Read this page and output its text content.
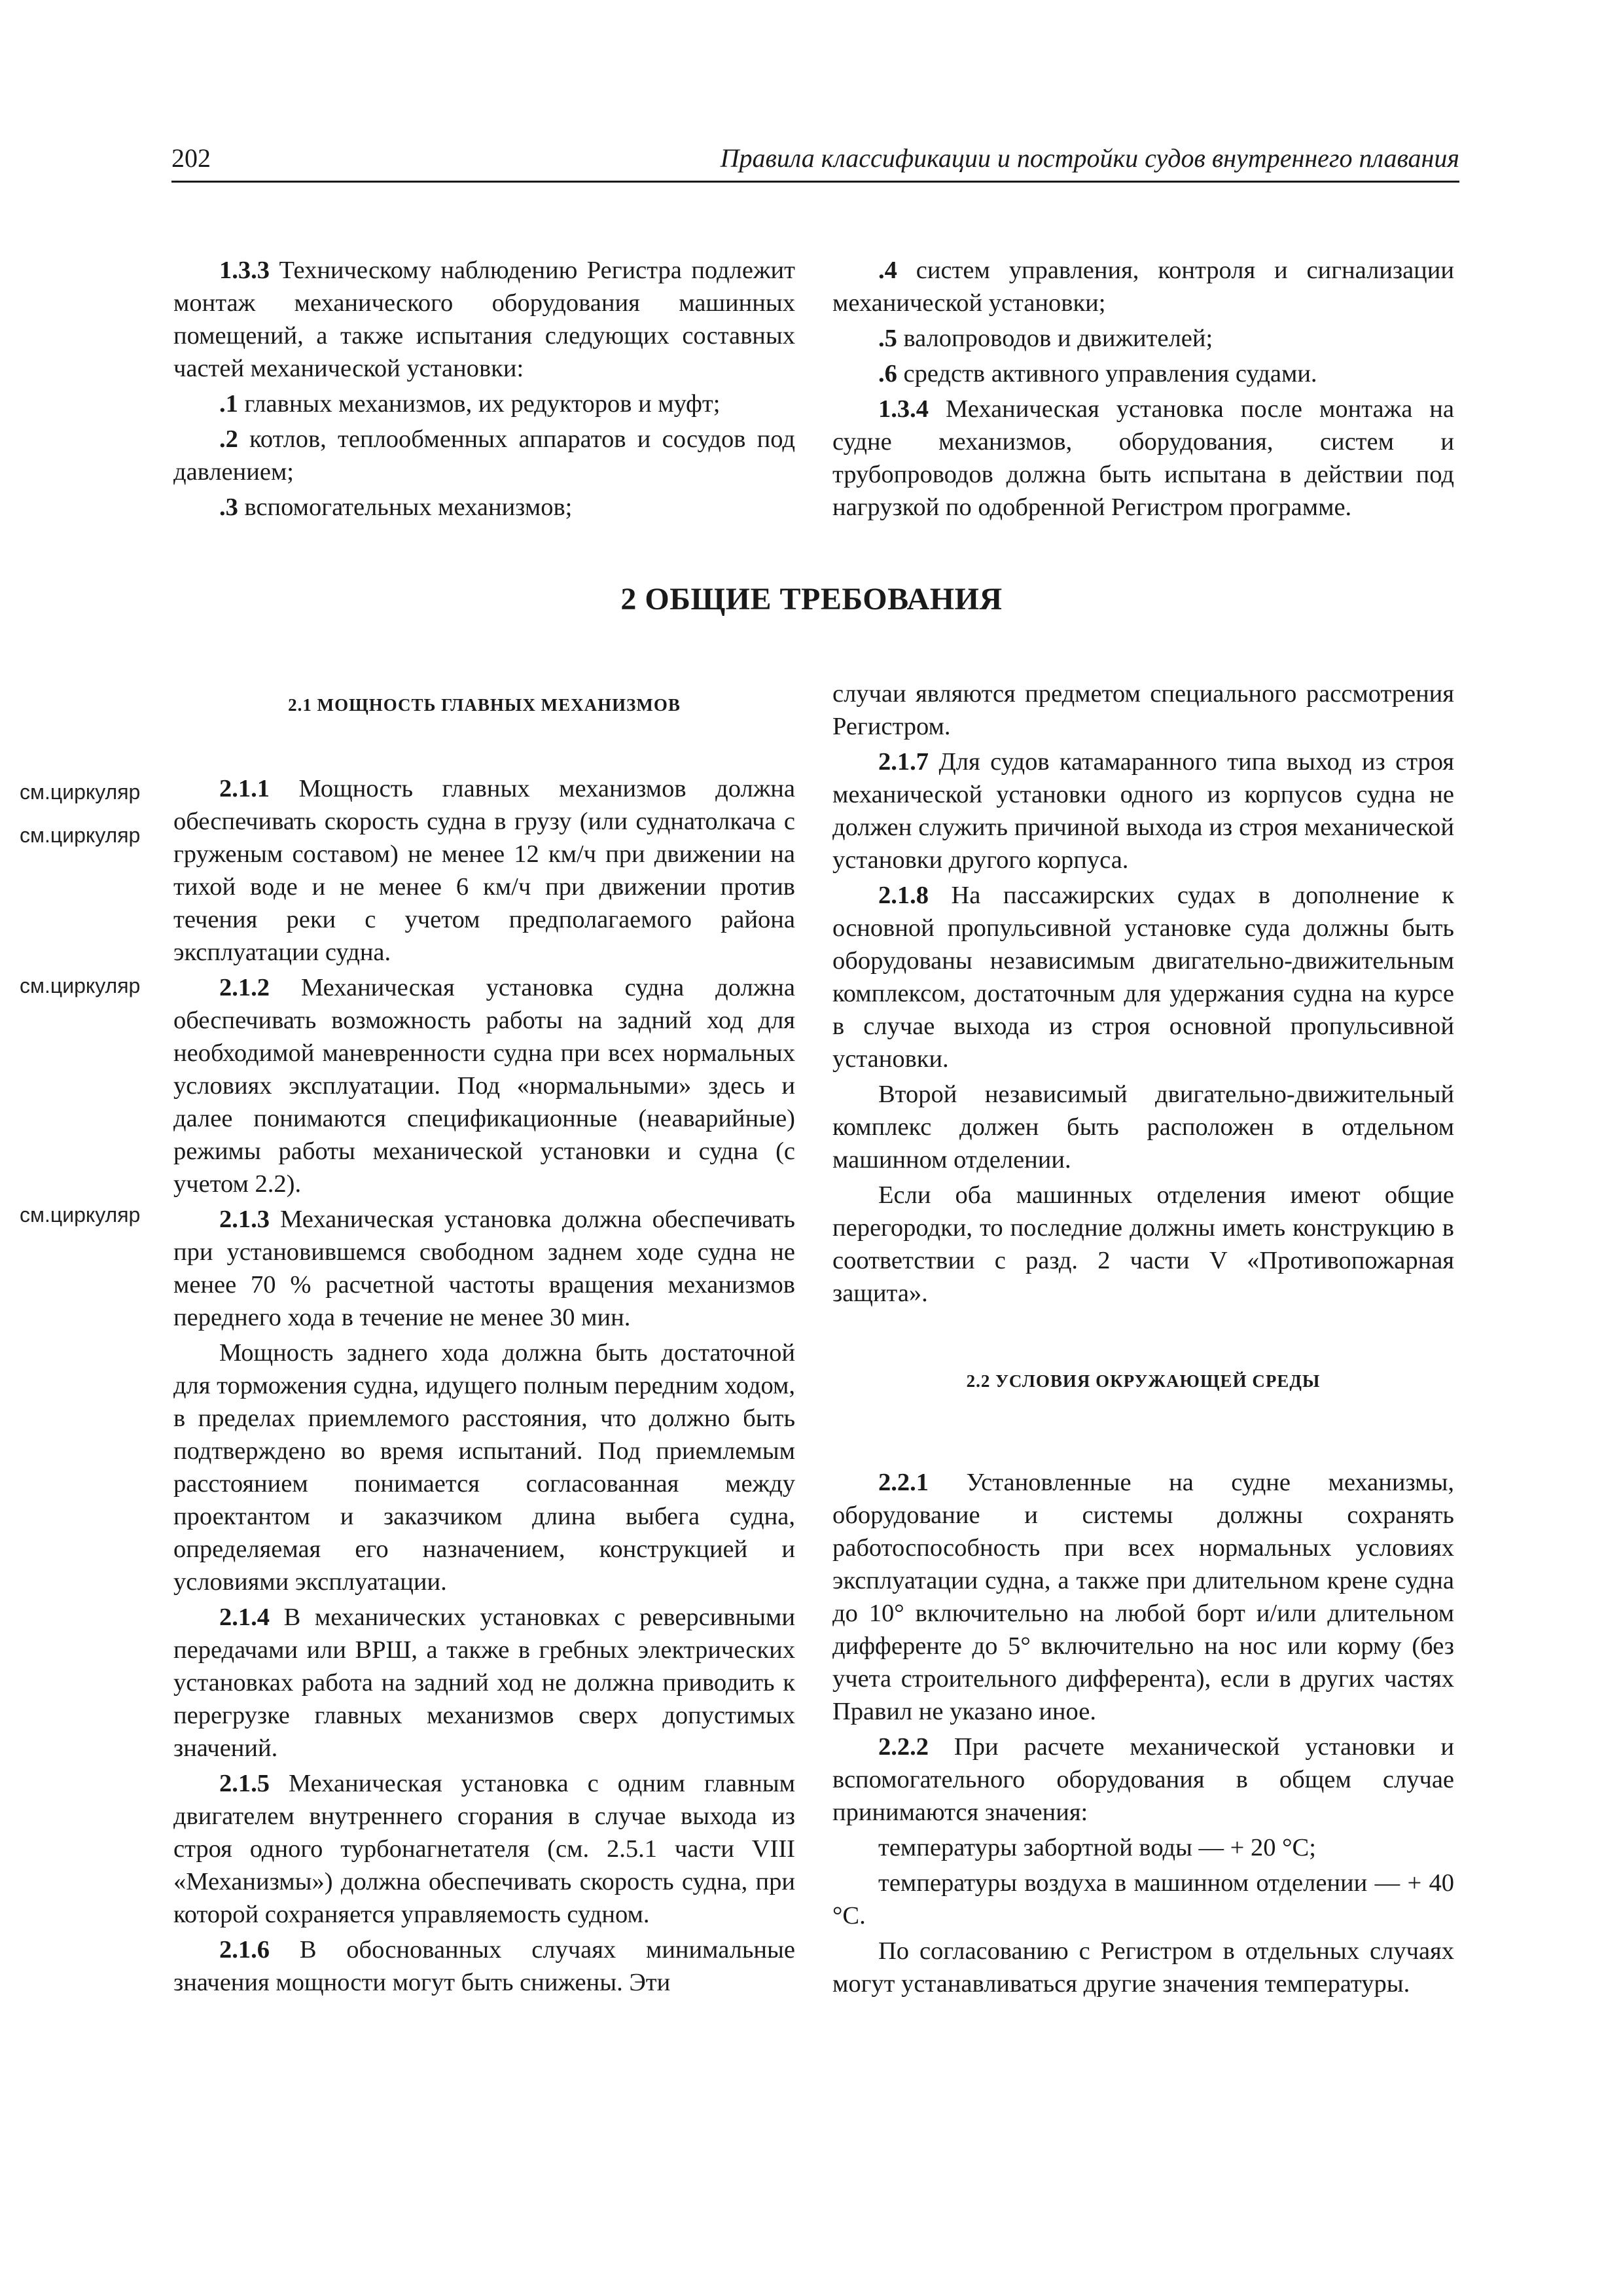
202	Правила классификации и постройки судов внутреннего плавания

1.3.3 Техническому наблюдению Регистра подлежит монтаж механического оборудования машинных помещений, а также испытания следующих составных частей механической установки:

.1 главных механизмов, их редукторов и муфт;

.2 котлов, теплообменных аппаратов и сосудов под давлением;

.3 вспомогательных механизмов;

.4 систем управления, контроля и сигнализации механической установки;

.5 валопроводов и движителей;

.6 средств активного управления судами.

1.3.4 Механическая установка после монтажа на судне механизмов, оборудования, систем и трубопроводов должна быть испытана в действии под нагрузкой по одобренной Регистром программе.

2 ОБЩИЕ ТРЕБОВАНИЯ
2.1 МОЩНОСТЬ ГЛАВНЫХ МЕХАНИЗМОВ
см.циркуляр
см.циркуляр
см.циркуляр
см.циркуляр

2.1.1 Мощность главных механизмов должна обеспечивать скорость судна в грузу (или суднатолкача с груженым составом) не менее 12 км/ч при движении на тихой воде и не менее 6 км/ч при движении против течения реки с учетом предполагаемого района эксплуатации судна.

2.1.2 Механическая установка судна должна обеспечивать возможность работы на задний ход для необходимой маневренности судна при всех нормальных условиях эксплуатации. Под «нормальными» здесь и далее понимаются спецификационные (неаварийные) режимы работы механической установки и судна (с учетом 2.2).

2.1.3 Механическая установка должна обеспечивать при установившемся свободном заднем ходе судна не менее 70 % расчетной частоты вращения механизмов переднего хода в течение не менее 30 мин.

Мощность заднего хода должна быть достаточной для торможения судна, идущего полным передним ходом, в пределах приемлемого расстояния, что должно быть подтверждено во время испытаний. Под приемлемым расстоянием понимается согласованная между проектантом и заказчиком длина выбега судна, определяемая его назначением, конструкцией и условиями эксплуатации.

2.1.4 В механических установках с реверсивными передачами или ВРШ, а также в гребных электрических установках работа на задний ход не должна приводить к перегрузке главных механизмов сверх допустимых значений.

2.1.5 Механическая установка с одним главным двигателем внутреннего сгорания в случае выхода из строя одного турбонагнетателя (см. 2.5.1 части VIII «Механизмы») должна обеспечивать скорость судна, при которой сохраняется управляемость судном.

2.1.6 В обоснованных случаях минимальные значения мощности могут быть снижены. Эти

случаи являются предметом специального рассмотрения Регистром.

2.1.7 Для судов катамаранного типа выход из строя механической установки одного из корпусов судна не должен служить причиной выхода из строя механической установки другого корпуса.

2.1.8 На пассажирских судах в дополнение к основной пропульсивной установке суда должны быть оборудованы независимым двигательно-движительным комплексом, достаточным для удержания судна на курсе в случае выхода из строя основной пропульсивной установки.

Второй независимый двигательно-движительный комплекс должен быть расположен в отдельном машинном отделении.

Если оба машинных отделения имеют общие перегородки, то последние должны иметь конструкцию в соответствии с разд. 2 части V «Противопожарная защита».

2.2 УСЛОВИЯ ОКРУЖАЮЩЕЙ СРЕДЫ

2.2.1 Установленные на судне механизмы, оборудование и системы должны сохранять работоспособность при всех нормальных условиях эксплуатации судна, а также при длительном крене судна до 10° включительно на любой борт и/или длительном дифференте до 5° включительно на нос или корму (без учета строительного дифферента), если в других частях Правил не указано иное.

2.2.2 При расчете механической установки и вспомогательного оборудования в общем случае принимаются значения:

температуры забортной воды — + 20 °C;

температуры воздуха в машинном отделении — + 40 °C.

По согласованию с Регистром в отдельных случаях могут устанавливаться другие значения температуры.
